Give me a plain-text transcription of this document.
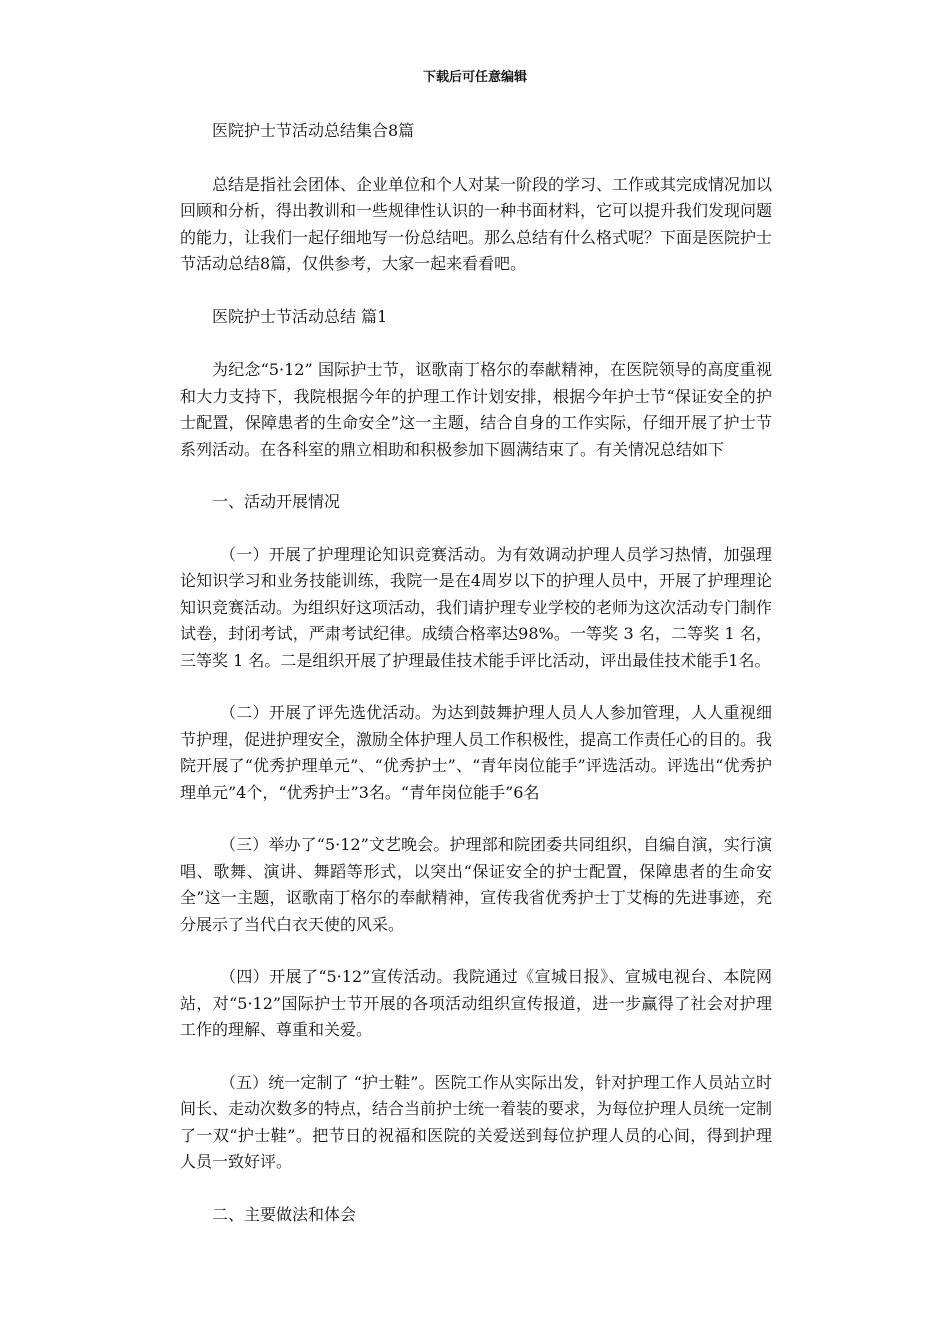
下载后可任意编辑

医院护士节活动总结集合8篇

总结是指社会团体、企业单位和个人对某一阶段的学习、工作或其完成情况加以回顾和分析，得出教训和一些规律性认识的一种书面材料，它可以提升我们发现问题的能力，让我们一起仔细地写一份总结吧。那么总结有什么格式呢？下面是医院护士节活动总结8篇，仅供参考，大家一起来看看吧。

医院护士节活动总结 篇1

为纪念“5·12” 国际护士节，讴歌南丁格尔的奉献精神，在医院领导的高度重视和大力支持下，我院根据今年的护理工作计划安排，根据今年护士节“保证安全的护士配置，保障患者的生命安全”这一主题，结合自身的工作实际，仔细开展了护士节系列活动。在各科室的鼎立相助和积极参加下圆满结束了。有关情况总结如下

一、活动开展情况

（一）开展了护理理论知识竞赛活动。为有效调动护理人员学习热情，加强理论知识学习和业务技能训练，我院一是在4周岁以下的护理人员中，开展了护理理论知识竞赛活动。为组织好这项活动，我们请护理专业学校的老师为这次活动专门制作试卷，封闭考试，严肃考试纪律。成绩合格率达98%。一等奖 3 名，二等奖 1 名，三等奖 1 名。二是组织开展了护理最佳技术能手评比活动，评出最佳技术能手1名。

（二）开展了评先选优活动。为达到鼓舞护理人员人人参加管理，人人重视细节护理，促进护理安全，激励全体护理人员工作积极性，提高工作责任心的目的。我院开展了“优秀护理单元”、“优秀护士”、“青年岗位能手”评选活动。评选出“优秀护理单元”4个，“优秀护士”3名。“青年岗位能手”6名

（三）举办了“5·12”文艺晚会。护理部和院团委共同组织，自编自演，实行演唱、歌舞、演讲、舞蹈等形式，以突出“保证安全的护士配置，保障患者的生命安全”这一主题，讴歌南丁格尔的奉献精神，宣传我省优秀护士丁艾梅的先进事迹，充分展示了当代白衣天使的风采。

（四）开展了“5·12”宣传活动。我院通过《宣城日报》、宣城电视台、本院网站，对“5·12”国际护士节开展的各项活动组织宣传报道，进一步赢得了社会对护理工作的理解、尊重和关爱。

（五）统一定制了 “护士鞋”。医院工作从实际出发，针对护理工作人员站立时间长、走动次数多的特点，结合当前护士统一着装的要求，为每位护理人员统一定制了一双“护士鞋”。把节日的祝福和医院的关爱送到每位护理人员的心间，得到护理人员一致好评。

二、主要做法和体会
